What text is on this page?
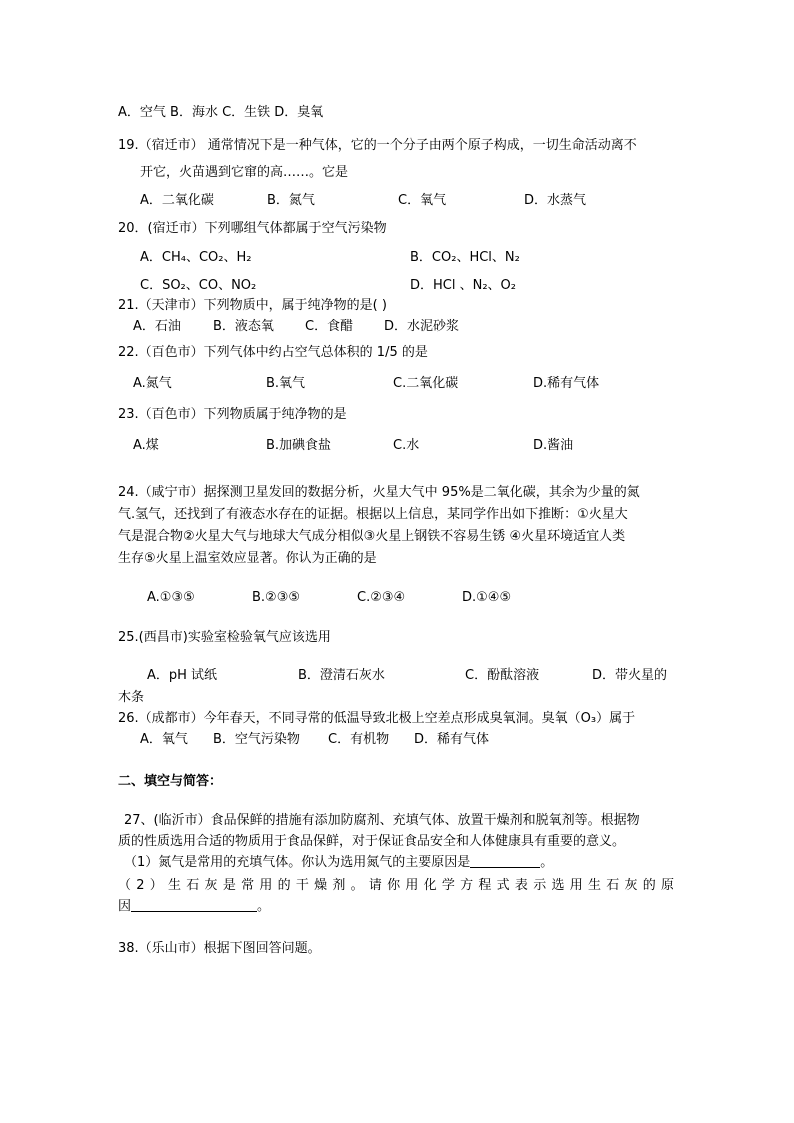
A．空气 B．海水 C．生铁 D．臭氧
19.（宿迁市） 通常情况下是一种气体，它的一个分子由两个原子构成，一切生命活动离不
开它，火苗遇到它窜的高……。它是
A．二氧化碳	B．氮气	C．氧气	D．水蒸气
20．(宿迁市）下列哪组气体都属于空气污染物
A．CH₄、CO₂、H₂	B．CO₂、HCl、N₂
C．SO₂、CO、NO₂	D．HCl 、N₂、O₂
21.（天津市）下列物质中，属于纯净物的是( )
A．石油 B．液态氧 C．食醋 D．水泥砂浆
22.（百色市）下列气体中约占空气总体积的 1/5 的是
A.氮气	B.氧气	C.二氧化碳	D.稀有气体
23.（百色市）下列物质属于纯净物的是
A.煤	B.加碘食盐	C.水	D.酱油
24.（咸宁市）据探测卫星发回的数据分析，火星大气中 95%是二氧化碳，其余为少量的氮
气.氢气，还找到了有液态水存在的证据。根据以上信息，某同学作出如下推断：①火星大
气是混合物②火星大气与地球大气成分相似③火星上钢铁不容易生锈 ④火星环境适宜人类
生存⑤火星上温室效应显著。你认为正确的是
A.①③⑤	B.②③⑤	C.②③④	D.①④⑤
25.(西昌市)实验室检验氧气应该选用
A．pH 试纸	B．澄清石灰水	C．酚酞溶液	D．带火星的
木条
26.（成都市）今年春天，不同寻常的低温导致北极上空差点形成臭氧洞。臭氧（O₃）属于
A．氧气 B．空气污染物 C．有机物 D．稀有气体
二、填空与简答：
27、(临沂市）食品保鲜的措施有添加防腐剂、充填气体、放置干燥剂和脱氧剂等。根据物
质的性质选用合适的物质用于食品保鲜，对于保证食品安全和人体健康具有重要的意义。
（1）氮气是常用的充填气体。你认为选用氮气的主要原因是	。
（2）生石灰是常用的干燥剂。请你用化学方程式表示选用生石灰的原
因	。
38.（乐山市）根据下图回答问题。
